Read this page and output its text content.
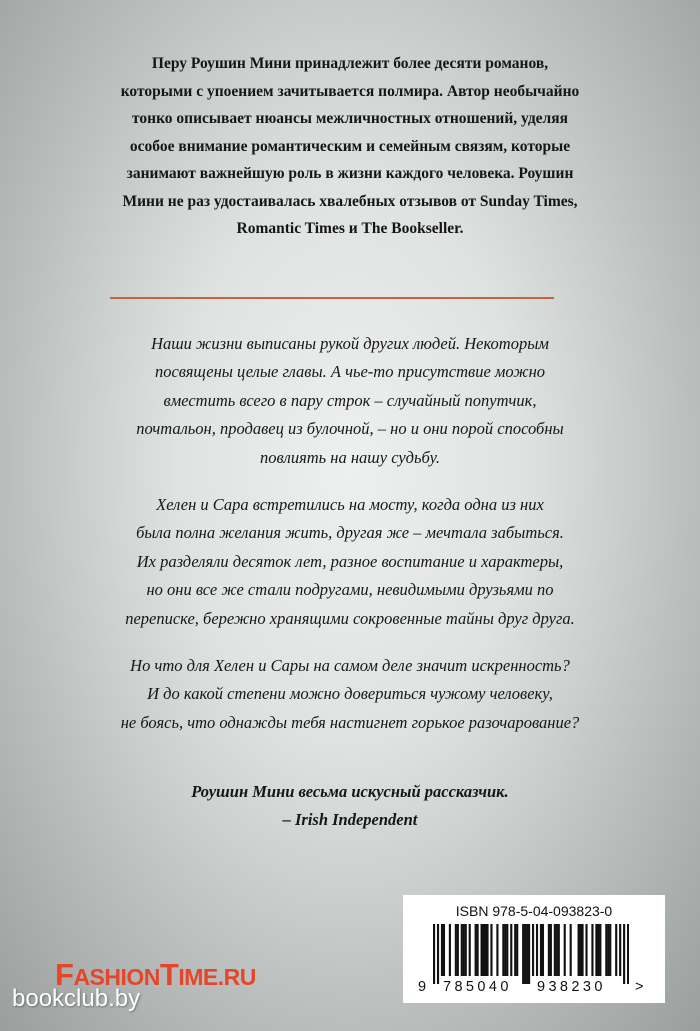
Перу Роушин Мини принадлежит более десяти романов,

которыми с упоением зачитывается полмира. Автор необычайно

тонко описывает нюансы межличностных отношений, уделяя

особое внимание романтическим и семейным связям, которые

занимают важнейшую роль в жизни каждого человека. Роушин

Мини не раз удостаивалась хвалебных отзывов от Sunday Times,

Romantic Times и The Bookseller.

Наши жизни выписаны рукой других людей. Некоторым
посвящены целые главы. А чье-то присутствие можно
вместить всего в пару строк – случайный попутчик,
почтальон, продавец из булочной, – но и они порой способны
повлиять на нашу судьбу.

Хелен и Сара встретились на мосту, когда одна из них
была полна желания жить, другая же – мечтала забыться.
Их разделяли десяток лет, разное воспитание и характеры,
но они все же стали подругами, невидимыми друзьями по
переписке, бережно хранящими сокровенные тайны друг друга.

Но что для Хелен и Сары на самом деле значит искренность?
И до какой степени можно довериться чужому человеку,
не боясь, что однажды тебя настигнет горькое разочарование?

Роушин Мини весьма искусный рассказчик.

– Irish Independent

ISBN 978-5-04-093823-0
9 785040 938230 >
FASHIONTIME.RU
bookclub.by
